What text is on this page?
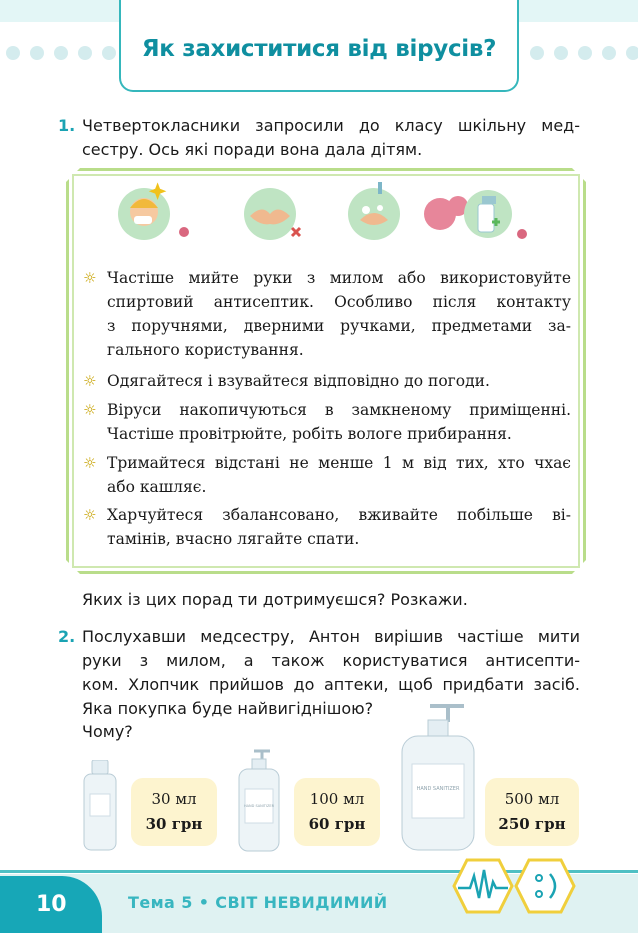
Як захиститися від вірусів?
1. Четвертокласники запросили до класу шкільну мед-
сестру. Ось які поради вона дала дітям.
☼ Частіше мийте руки з милом або використовуйте
спиртовий антисептик. Особливо після контакту
з поручнями, дверними ручками, предметами за-
гального користування.
☼ Одягайтеся і взувайтеся відповідно до погоди.
☼ Віруси накопичуються в замкненому приміщенні.
Частіше провітрюйте, робіть вологе прибирання.
☼ Тримайтеся відстані не менше 1 м від тих, хто чхає
або кашляє.
☼ Харчуйтеся збалансовано, вживайте побільше ві-
тамінів, вчасно лягайте спати.
Яких із цих порад ти дотримуєшся? Розкажи.
2. Послухавши медсестру, Антон вирішив частіше мити
руки з милом, а також користуватися антисепти-
ком. Хлопчик прийшов до аптеки, щоб придбати засіб.
Яка покупка буде найвигіднішою?
Чому?
HAND SANITIZER
HAND SANITIZER
30 мл
30 грн
100 мл
60 грн
500 мл
250 грн
10	Тема 5 • СВІТ НЕВИДИМИЙ
